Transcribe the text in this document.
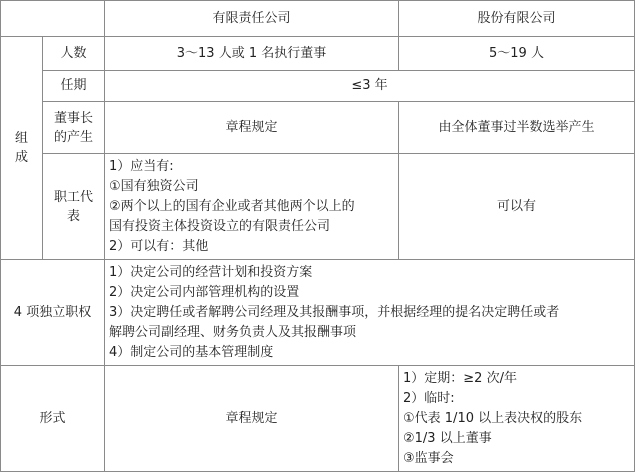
		有限责任公司	股份有限公司

组
成	人数	3～13 人或 1 名执行董事	5～19 人
	任期	≤3 年	

	董事长
的产生	章程规定	由全体董事过半数选举产生

	职工代
表	1）应当有:
①国有独资公司
②两个以上的国有企业或者其他两个以上的
国有投资主体投资设立的有限责任公司
2）可以有：其他	可以有
4 项独立职权		1）决定公司的经营计划和投资方案
2）决定公司内部管理机构的设置
3）决定聘任或者解聘公司经理及其报酬事项，并根据经理的提名决定聘任或者
解聘公司副经理、财务负责人及其报酬事项
4）制定公司的基本管理制度	

形式		章程规定	1）定期：≥2 次/年
2）临时:
①代表 1/10 以上表决权的股东
②1/3 以上董事
③监事会
